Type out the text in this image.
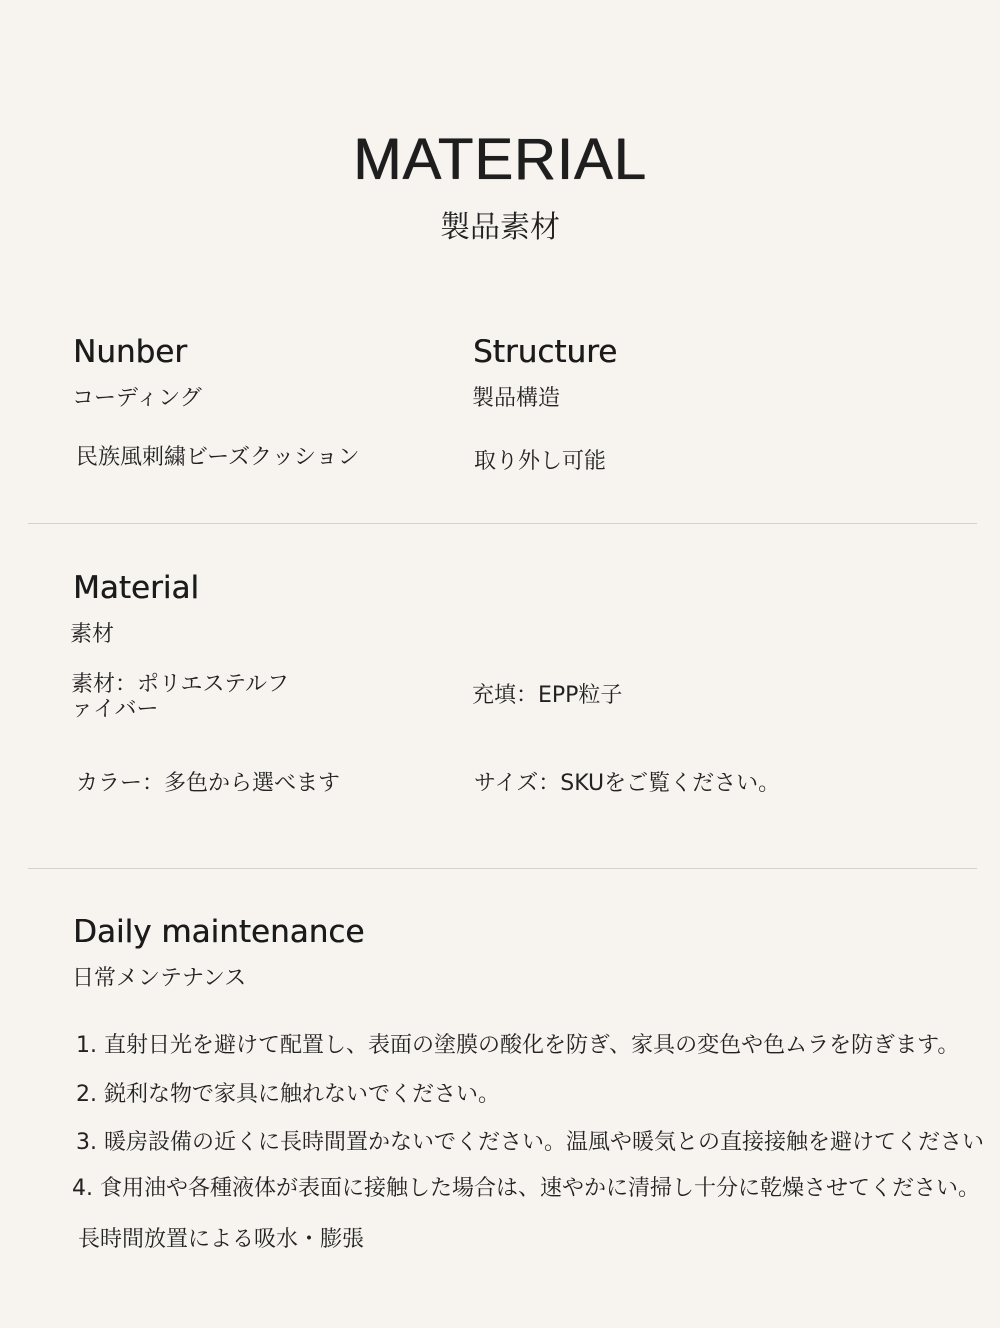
MATERIAL
製品素材
Nunber
コーディング
民族風刺繍ビーズクッション
Structure
製品構造
取り外し可能
Material
素材
素材：ポリエステルファイバー
充填：EPP粒子
カラー：多色から選べます	サイズ：SKUをご覧ください。
Daily maintenance
日常メンテナンス
1. 直射日光を避けて配置し、表面の塗膜の酸化を防ぎ、家具の変色や色ムラを防ぎます。
2. 鋭利な物で家具に触れないでください。
3. 暖房設備の近くに長時間置かないでください。温風や暖気との直接接触を避けてください
4. 食用油や各種液体が表面に接触した場合は、速やかに清掃し十分に乾燥させてください。
長時間放置による吸水・膨張
